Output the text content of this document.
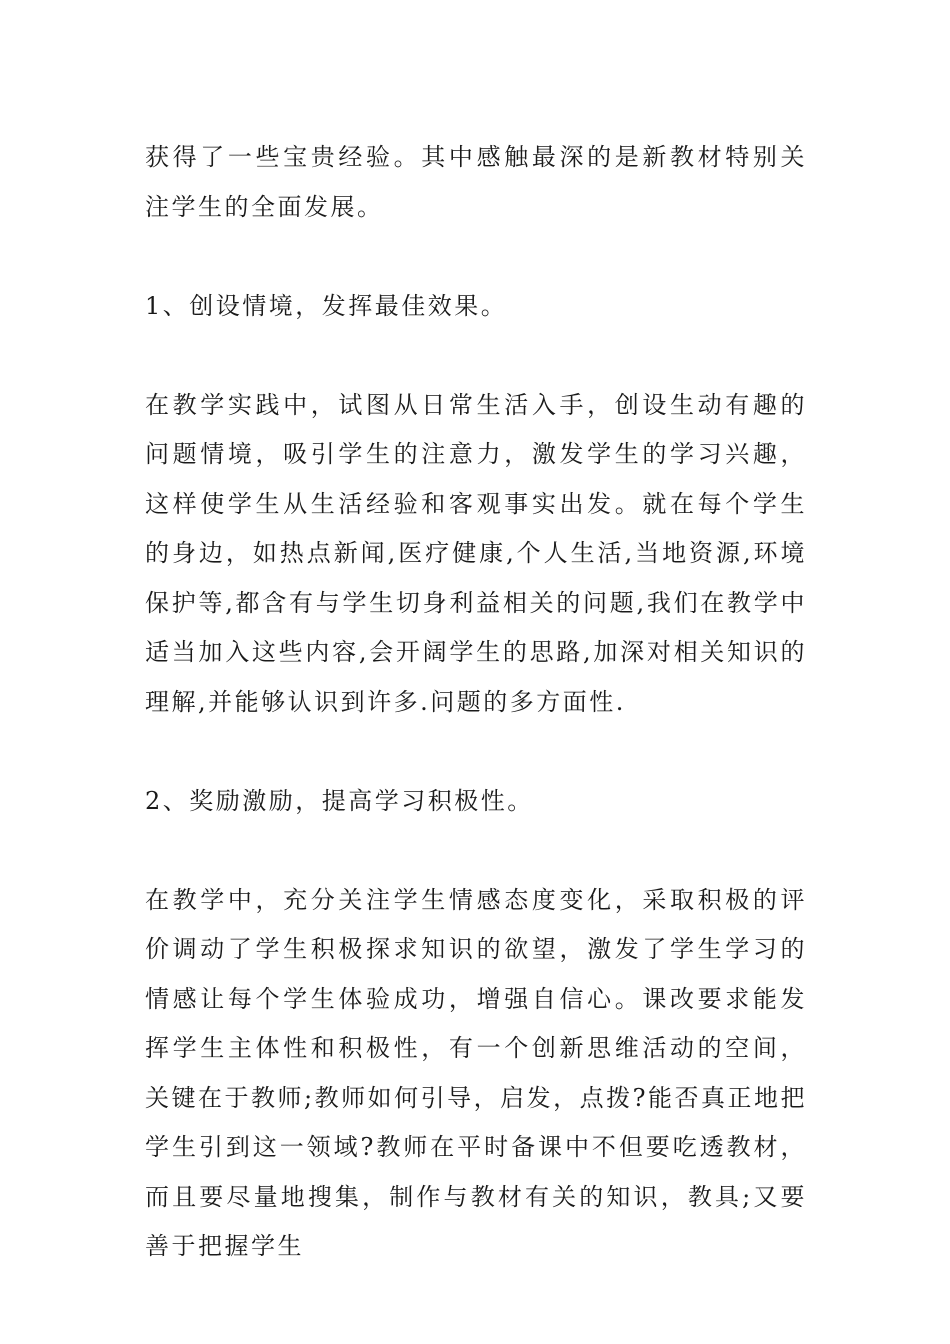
获得了一些宝贵经验。其中感触最深的是新教材特别关注学生的全面发展。

1、创设情境，发挥最佳效果。

在教学实践中，试图从日常生活入手，创设生动有趣的问题情境，吸引学生的注意力，激发学生的学习兴趣，这样使学生从生活经验和客观事实出发。就在每个学生的身边，如热点新闻,医疗健康,个人生活,当地资源,环境保护等,都含有与学生切身利益相关的问题,我们在教学中适当加入这些内容,会开阔学生的思路,加深对相关知识的理解,并能够认识到许多.问题的多方面性.

2、奖励激励，提高学习积极性。

在教学中，充分关注学生情感态度变化，采取积极的评价调动了学生积极探求知识的欲望，激发了学生学习的情感让每个学生体验成功，增强自信心。课改要求能发挥学生主体性和积极性，有一个创新思维活动的空间，关键在于教师;教师如何引导，启发，点拨?能否真正地把学生引到这一领域?教师在平时备课中不但要吃透教材，而且要尽量地搜集，制作与教材有关的知识，教具;又要善于把握学生
